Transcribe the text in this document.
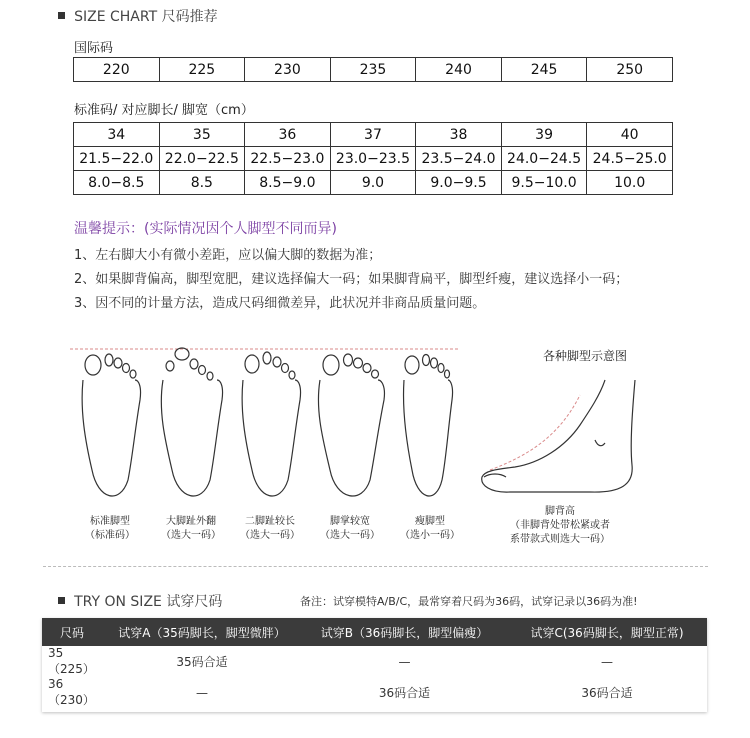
SIZE CHART 尺码推荐
国际码
220	225	230	235	240	245	250
标准码/ 对应脚长/ 脚宽（cm）
34	35	36	37	38	39	40
21.5−22.0	22.0−22.5	22.5−23.0	23.0−23.5	23.5−24.0	24.0−24.5	24.5−25.0
8.0−8.5	8.5	8.5−9.0	9.0	9.0−9.5	9.5−10.0	10.0
温馨提示：(实际情况因个人脚型不同而异)
1、左右脚大小有微小差距，应以偏大脚的数据为准；
2、如果脚背偏高，脚型宽肥，建议选择偏大一码；如果脚背扁平，脚型纤瘦，建议选择小一码；
3、因不同的计量方法，造成尺码细微差异，此状况并非商品质量问题。
标准脚型
（标准码）
大脚趾外翻
（选大一码）
二脚趾较长
（选大一码）
脚掌较宽
（选大一码）
瘦脚型
（选小一码）
各种脚型示意图
脚背高
（非脚背处带松紧或者
系带款式则选大一码）
TRY ON SIZE 试穿尺码	备注：试穿模特A/B/C，最常穿着尺码为36码，试穿记录以36码为准!
尺码	试穿A（35码脚长，脚型微胖）	试穿B（36码脚长，脚型偏瘦）	试穿C(36码脚长，脚型正常)
35（225）	35码合适	—	—
36（230）	—	36码合适	36码合适
